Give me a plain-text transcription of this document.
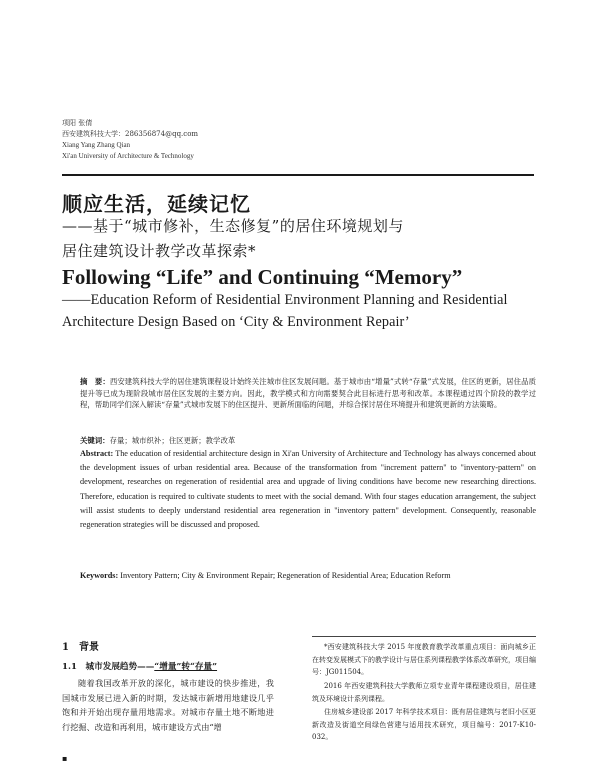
项阳 张倩
西安建筑科技大学：286356874@qq.com
Xiang Yang Zhang Qian
Xi'an University of Architecture & Technology
顺应生活，延续记忆
——基于“城市修补，生态修复”的居住环境规划与
居住建筑设计教学改革探索*
Following “Life” and Continuing “Memory”
——Education Reform of Residential Environment Planning and Residential
Architecture Design Based on ‘City & Environment Repair’
摘　要：西安建筑科技大学的居住建筑课程设计始终关注城市住区发展问题。基于城市由“增量”式转“存量”式发展，住区的更新，居住品质提升等已成为现阶段城市居住区发展的主要方向。因此，教学模式和方向需要契合此目标进行思考和改革。本课程通过四个阶段的教学过程，帮助同学们深入解读“存量”式城市发展下的住区提升、更新所面临的问题，并综合探讨居住环境提升和建筑更新的方法策略。
关键词：存量；城市织补；住区更新；教学改革
Abstract: The education of residential architecture design in Xi'an University of Architecture and Technology has always concerned about the development issues of urban residential area. Because of the transformation from "increment pattern" to "inventory-pattern" on development, researches on regeneration of residential area and upgrade of living conditions have become new researching directions. Therefore, education is required to cultivate students to meet with the social demand. With four stages education arrangement, the subject will assist students to deeply understand residential area regeneration in "inventory pattern" development. Consequently, reasonable regeneration strategies will be discussed and proposed.
Keywords: Inventory Pattern; City & Environment Repair; Regeneration of Residential Area; Education Reform
1　背景
1.1　城市发展趋势——“增量”转“存量”
随着我国改革开放的深化，城市建设的快步推进，我国城市发展已进入新的时期，发达城市新增用地建设几乎饱和并开始出现存量用地需求。对城市存量土地不断地进行挖掘、改造和再利用，城市建设方式由“增
*西安建筑科技大学 2015 年度教育教学改革重点项目：面向城乡正在转变发展模式下的教学设计与居住系列课程教学体系改革研究，项目编号：JG011504。
2016 年西安建筑科技大学教师立项专业青年课程建设项目，居住建筑及环境设计系列课程。
住房城乡建设部 2017 年科学技术项目：既有居住建筑与老旧小区更新改造及街道空间绿色营建与适用技术研究，项目编号：2017-K10-032。
▪
